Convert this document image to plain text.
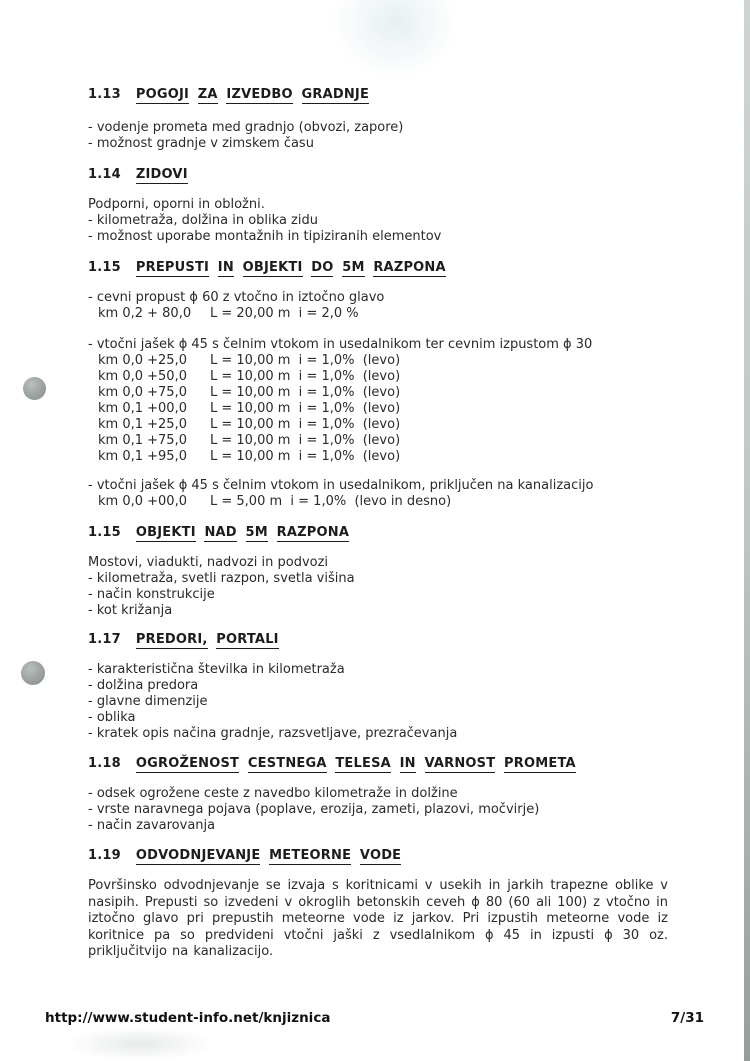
1.13 POGOJI ZA IZVEDBO GRADNJE
- vodenje prometa med gradnjo (obvozi, zapore)
- možnost gradnje v zimskem času
1.14 ZIDOVI
Podporni, oporni in obložni.
- kilometraža, dolžina in oblika zidu
- možnost uporabe montažnih in tipiziranih elementov
1.15 PREPUSTI IN OBJEKTI DO 5M RAZPONA
- cevni propust ϕ 60 z vtočno in iztočno glavo
km 0,2 + 80,0	L = 20,00 m  i = 2,0 %
- vtočni jašek ϕ 45 s čelnim vtokom in usedalnikom ter cevnim izpustom ϕ 30
km 0,0 +25,0	L = 10,00 m  i = 1,0%  (levo)
km 0,0 +50,0	L = 10,00 m  i = 1,0%  (levo)
km 0,0 +75,0	L = 10,00 m  i = 1,0%  (levo)
km 0,1 +00,0	L = 10,00 m  i = 1,0%  (levo)
km 0,1 +25,0	L = 10,00 m  i = 1,0%  (levo)
km 0,1 +75,0	L = 10,00 m  i = 1,0%  (levo)
km 0,1 +95,0	L = 10,00 m  i = 1,0%  (levo)
- vtočni jašek ϕ 45 s čelnim vtokom in usedalnikom, priključen na kanalizacijo
km 0,0 +00,0	L = 5,00 m  i = 1,0%  (levo in desno)
1.15 OBJEKTI NAD 5M RAZPONA
Mostovi, viadukti, nadvozi in podvozi
- kilometraža, svetli razpon, svetla višina
- način konstrukcije
- kot križanja
1.17 PREDORI, PORTALI
- karakteristična številka in kilometraža
- dolžina predora
- glavne dimenzije
- oblika
- kratek opis načina gradnje, razsvetljave, prezračevanja
1.18 OGROŽENOST CESTNEGA TELESA IN VARNOST PROMETA
- odsek ogrožene ceste z navedbo kilometraže in dolžine
- vrste naravnega pojava (poplave, erozija, zameti, plazovi, močvirje)
- način zavarovanja
1.19 ODVODNJEVANJE METEORNE VODE
Površinsko odvodnjevanje se izvaja s koritnicami v usekih in jarkih trapezne oblike v nasipih. Prepusti so izvedeni v okroglih betonskih ceveh ϕ 80 (60 ali 100) z vtočno in iztočno glavo pri prepustih meteorne vode iz jarkov. Pri izpustih meteorne vode iz koritnice pa so predvideni vtočni jaški z vsedlalnikom ϕ 45 in izpusti ϕ 30 oz. priključitvijo na kanalizacijo.
http://www.student-info.net/knjiznica	7/31
